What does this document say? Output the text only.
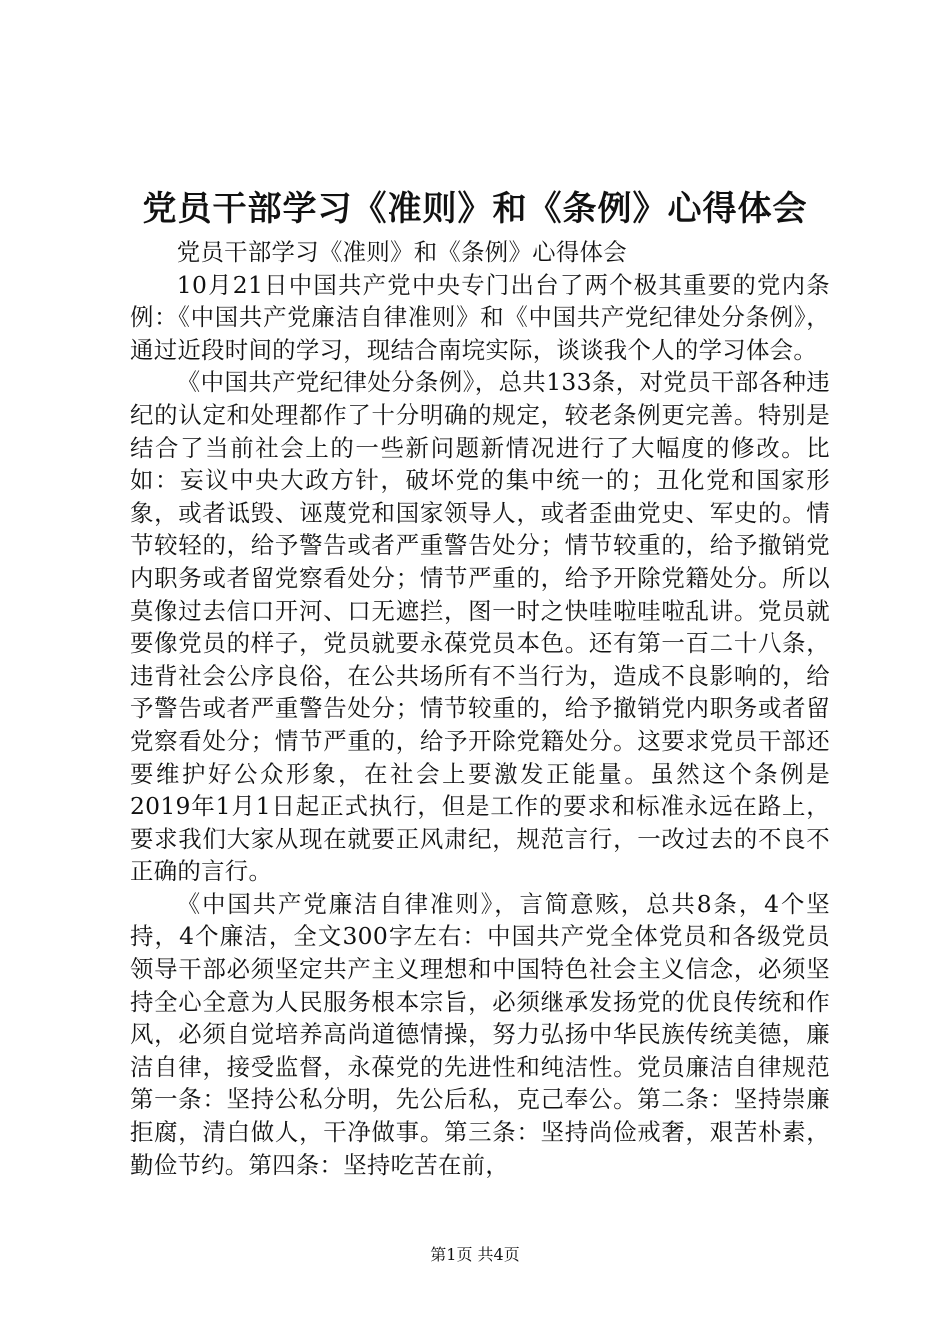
党员干部学习《准则》和《条例》心得体会

党员干部学习《准则》和《条例》心得体会

10月21日中国共产党中央专门出台了两个极其重要的党内条例：《中国共产党廉洁自律准则》和《中国共产党纪律处分条例》，通过近段时间的学习，现结合南垸实际，谈谈我个人的学习体会。

《中国共产党纪律处分条例》，总共133条，对党员干部各种违纪的认定和处理都作了十分明确的规定，较老条例更完善。特别是结合了当前社会上的一些新问题新情况进行了大幅度的修改。比如：妄议中央大政方针，破坏党的集中统一的；丑化党和国家形象，或者诋毁、诬蔑党和国家领导人，或者歪曲党史、军史的。情节较轻的，给予警告或者严重警告处分；情节较重的，给予撤销党内职务或者留党察看处分；情节严重的，给予开除党籍处分。所以莫像过去信口开河、口无遮拦，图一时之快哇啦哇啦乱讲。党员就要像党员的样子，党员就要永葆党员本色。还有第一百二十八条，违背社会公序良俗，在公共场所有不当行为，造成不良影响的，给予警告或者严重警告处分；情节较重的，给予撤销党内职务或者留党察看处分；情节严重的，给予开除党籍处分。这要求党员干部还要维护好公众形象，在社会上要激发正能量。虽然这个条例是2019年1月1日起正式执行，但是工作的要求和标准永远在路上，要求我们大家从现在就要正风肃纪，规范言行，一改过去的不良不正确的言行。

《中国共产党廉洁自律准则》，言简意赅，总共8条，4个坚持，4个廉洁，全文300字左右：中国共产党全体党员和各级党员领导干部必须坚定共产主义理想和中国特色社会主义信念，必须坚持全心全意为人民服务根本宗旨，必须继承发扬党的优良传统和作风，必须自觉培养高尚道德情操，努力弘扬中华民族传统美德，廉洁自律，接受监督，永葆党的先进性和纯洁性。党员廉洁自律规范第一条：坚持公私分明，先公后私，克己奉公。第二条：坚持崇廉拒腐，清白做人，干净做事。第三条：坚持尚俭戒奢，艰苦朴素，勤俭节约。第四条：坚持吃苦在前，

第1页 共4页
